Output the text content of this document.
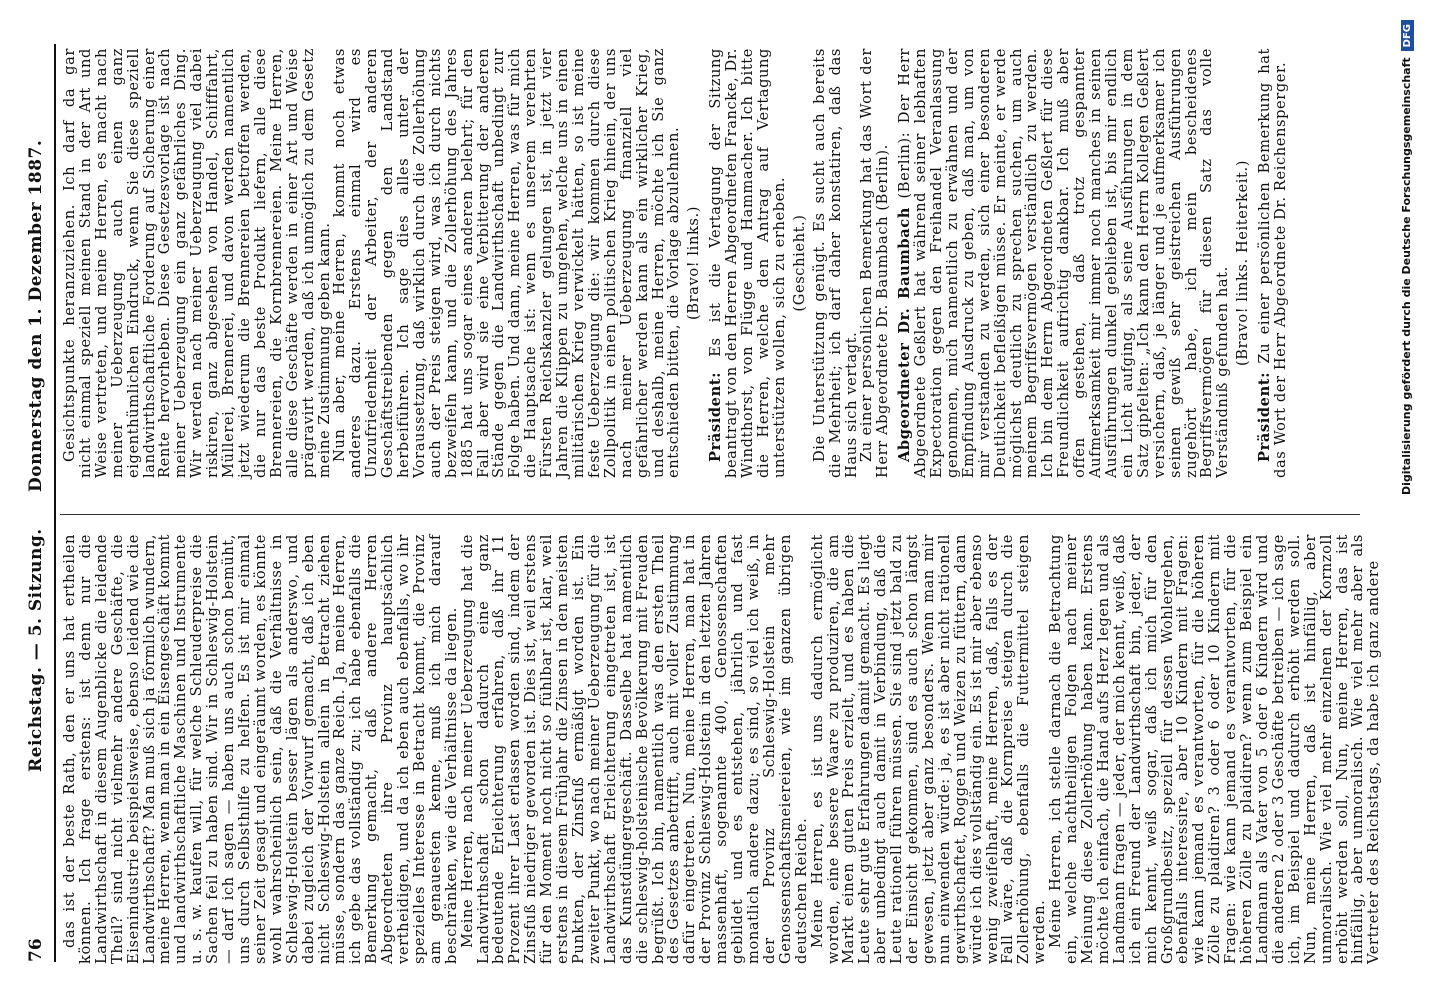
76
Reichstag. — 5. Sitzung.
Donnerstag den 1. Dezember 1887.

das ist der beste Rath, den er uns hat ertheilen können. Ich frage erstens: ist denn nur die Landwirthschaft in diesem Augenblicke die leidende Theil? sind nicht vielmehr andere Geschäfte, die Eisenindustrie beispielsweise, ebenso leidend wie die Landwirthschaft? Man muß sich ja förmlich wundern, meine Herren, wenn man in ein Eisengeschäft kommt und landwirthschaftliche Maschinen und Instrumente u. s. w. kaufen will, für welche Schleuderpreise die Sachen feil zu haben sind. Wir in Schleswig-Holstein — darf ich sagen — haben uns auch schon bemüht, uns durch Selbsthilfe zu helfen. Es ist mir einmal seiner Zeit gesagt und eingeräumt worden, es könnte wohl wahrscheinlich sein, daß die Verhältnisse in Schleswig-Holstein besser lägen als anderswo, und dabei zugleich der Vorwurf gemacht, daß ich eben nicht Schleswig-Holstein allein in Betracht ziehen müsse, sondern das ganze Reich. Ja, meine Herren, ich gebe das vollständig zu; ich habe ebenfalls die Bemerkung gemacht, daß andere Herren Abgeordneten ihre Provinz hauptsächlich vertheidigen, und da ich eben auch ebenfalls, wo ihr spezielles Interesse in Betracht kommt, die Provinz am genauesten kenne, muß ich mich darauf beschränken, wie die Verhältnisse da liegen.

Meine Herren, nach meiner Ueberzeugung hat die Landwirthschaft schon dadurch eine ganz bedeutende Erleichterung erfahren, daß ihr 11 Prozent ihrer Last erlassen worden sind, indem der Zinsfuß niedriger geworden ist. Dies ist, weil erstens für den Moment noch nicht so fühlbar ist, klar, weil erstens in diesem Frühjahr die Zinsen in den meisten Punkten, der Zinsfuß ermäßigt worden ist. Ein zweiter Punkt, wo nach meiner Ueberzeugung für die Landwirthschaft Erleichterung eingetreten ist, ist das Kunstdüngergeschäft. Dasselbe hat namentlich die schleswig-holsteinische Bevölkerung mit Freuden begrüßt. Ich bin, namentlich was den ersten Theil des Gesetzes anbetrifft, auch mit voller Zustimmung dafür eingetreten. Nun, meine Herren, man hat in der Provinz Schleswig-Holstein in den letzten Jahren massenhaft, sogenannte 400, Genossenschaften gebildet und es entstehen, jährlich und fast monatlich andere dazu; es sind, so viel ich weiß, in der Provinz Schleswig-Holstein mehr Genossenschaftsmeiereien, wie im ganzen übrigen deutschen Reiche.

Meine Herren, es ist uns dadurch ermöglicht worden, eine bessere Waare zu produziren, die am Markt einen guten Preis erzielt, und es haben die Leute sehr gute Erfahrungen damit gemacht. Es liegt aber unbedingt auch damit in Verbindung, daß die Leute rationell führen müssen. Sie sind jetzt bald zu der Einsicht gekommen, sind es auch schon längst gewesen, jetzt aber ganz besonders. Wenn man mir nun einwenden würde: ja, es ist aber nicht rationell gewirthschaftet, Roggen und Weizen zu füttern, dann würde ich dies vollständig ein. Es ist mir aber ebenso wenig zweifelhaft, meine Herren, daß, falls es der Fall wäre, daß die Kornpreise steigen durch die Zollerhöhung, ebenfalls die Futtermittel steigen werden.

Meine Herren, ich stelle darnach die Betrachtung ein, welche nachtheiligen Folgen nach meiner Meinung diese Zollerhöhung haben kann. Erstens möchte ich einfach, die Hand aufs Herz legen und als Landmann fragen — jeder, der mich kennt, weiß, daß ich ein Freund der Landwirthschaft bin, jeder, der mich kennt, weiß sogar, daß ich mich für den Großgrundbesitz, speziell für dessen Wohlergehen, ebenfalls interessire, aber 10 Kindern mit Fragen: wie kann jemand es verantworten, für die höheren Zölle zu plaidiren? 3 oder 6 oder 10 Kindern mit Fragen: wie kann jemand es verantworten, für die höheren Zölle zu plaidiren? wenn zum Beispiel ein Landmann als Vater von 5 oder 6 Kindern wird und die anderen 2 oder 3 Geschäfte betreiben — ich sage ich, im Beispiel und dadurch erhöht werden soll. Nun, meine Herren, daß ist hinfällig, aber unmoralisch. Wie viel mehr einzelnen der Kornzoll erhöht werden soll, Nun, meine Herren, das ist hinfällig, aber unmoralisch. Wie viel mehr aber als Vertreter des Reichstags, da habe ich ganz andere

Gesichtspunkte heranzuziehen. Ich darf da gar nicht einmal speziell meinen Stand in der Art und Weise vertreten, und meine Herren, es macht nach meiner Ueberzeugung auch einen ganz eigenthümlichen Eindruck, wenn Sie diese speziell landwirthschaftliche Forderung auf Sicherung einer Rente hervorheben. Diese Gesetzesvorlage ist nach meiner Ueberzeugung ein ganz gefährliches Ding. Wir werden nach meiner Ueberzeugung viel dabei riskiren, ganz abgesehen von Handel, Schifffahrt, Müllerei, Brennerei, und davon werden namentlich jetzt wiederum die Brennereien betroffen werden, die nur das beste Produkt liefern, alle diese Brennereien, die Kornbrennereien. Meine Herren, alle diese Geschäfte werden in einer Art und Weise prägravirt werden, daß ich unmöglich zu dem Gesetz meine Zustimmung geben kann.

Nun aber, meine Herren, kommt noch etwas anderes dazu. Erstens einmal wird es Unzufriedenheit der Arbeiter, der anderen Geschäftstreibenden gegen den Landstand herbeiführen. Ich sage dies alles unter der Voraussetzung, daß wirklich durch die Zollerhöhung auch der Preis steigen wird, was ich durch nichts bezweifeln kann, und die Zollerhöhung des Jahres 1885 hat uns sogar eines anderen belehrt; für den Fall aber wird sie eine Verbitterung der anderen Stände gegen die Landwirthschaft unbedingt zur Folge haben. Und dann, meine Herren, was für mich die Hauptsache ist: wenn es unserem verehrten Fürsten Reichskanzler gelungen ist, in jetzt vier Jahren die Klippen zu umgehen, welche uns in einen militärischen Krieg verwickelt hätten, so ist meine feste Ueberzeugung die: wir kommen durch diese Zollpolitik in einen politischen Krieg hinein, der uns nach meiner Ueberzeugung finanziell viel gefährlicher werden kann als ein wirklicher Krieg, und deshalb, meine Herren, möchte ich Sie ganz entschieden bitten, die Vorlage abzulehnen. (Bravo! links.)

Präsident: Es ist die Vertagung der Sitzung beantragt von den Herren Abgeordneten Francke, Dr. Windthorst, von Flügge und Hammacher. Ich bitte die Herren, welche den Antrag auf Vertagung unterstützen wollen, sich zu erheben. (Geschieht.) Die Unterstützung genügt. Es sucht auch bereits die Mehrheit; ich darf daher konstatiren, daß das Haus sich vertagt.

Zu einer persönlichen Bemerkung hat das Wort der Herr Abgeordnete Dr. Baumbach (Berlin). Abgeordneter Dr. Baumbach (Berlin): Der Herr Abgeordnete Geßlert hat während seiner lebhaften Expectoration gegen den Freihandel Veranlassung genommen, mich namentlich zu erwähnen und der Empfindung Ausdruck zu geben, daß man, um von mir verstanden zu werden, sich einer besonderen Deutlichkeit befleißigen müsse. Er meinte, er werde möglichst deutlich zu sprechen suchen, um auch meinem Begriffsvermögen verständlich zu werden. Ich bin dem Herrn Abgeordneten Geßlert für diese Freundlichkeit aufrichtig dankbar. Ich muß aber offen gestehen, daß trotz gespannter Aufmerksamkeit mir immer noch manches in seinen Ausführungen dunkel geblieben ist, bis mir endlich ein Licht aufging, als seine Ausführungen in dem Satz gipfelten: „Ich kann den Herrn Kollegen Geßlert versichern, daß, je länger und je aufmerksamer ich seinen gewiß sehr geistreichen Ausführungen zugehört habe, ich mein bescheidenes Begriffsvermögen für diesen Satz das volle Verständniß gefunden hat.

(Bravo! links. Heiterkeit.)

Präsident: Zu einer persönlichen Bemerkung hat das Wort der Herr Abgeordnete Dr. Reichensperger.	Digitalisierung gefördert durch die Deutsche ForschungsgemeinschaftDFG
